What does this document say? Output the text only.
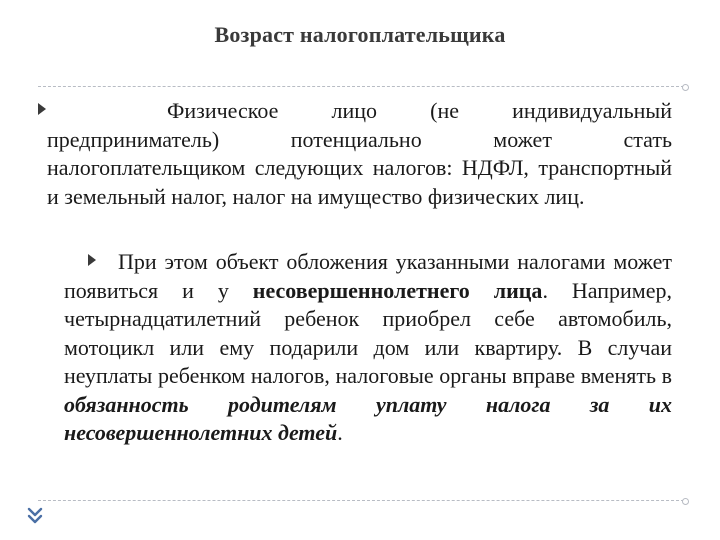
Возраст налогоплательщика
Физическое лицо (не индивидуальный предприниматель) потенциально может стать налогоплательщиком следующих налогов: НДФЛ, транспортный и земельный налог, налог на имущество физических лиц.
При этом объект обложения указанными налогами может появиться и у несовершеннолетнего лица. Например, четырнадцатилетний ребенок приобрел себе автомобиль, мотоцикл или ему подарили дом или квартиру. В случаи неуплаты ребенком налогов, налоговые органы вправе вменять в обязанность родителям уплату налога за их несовершеннолетних детей.
